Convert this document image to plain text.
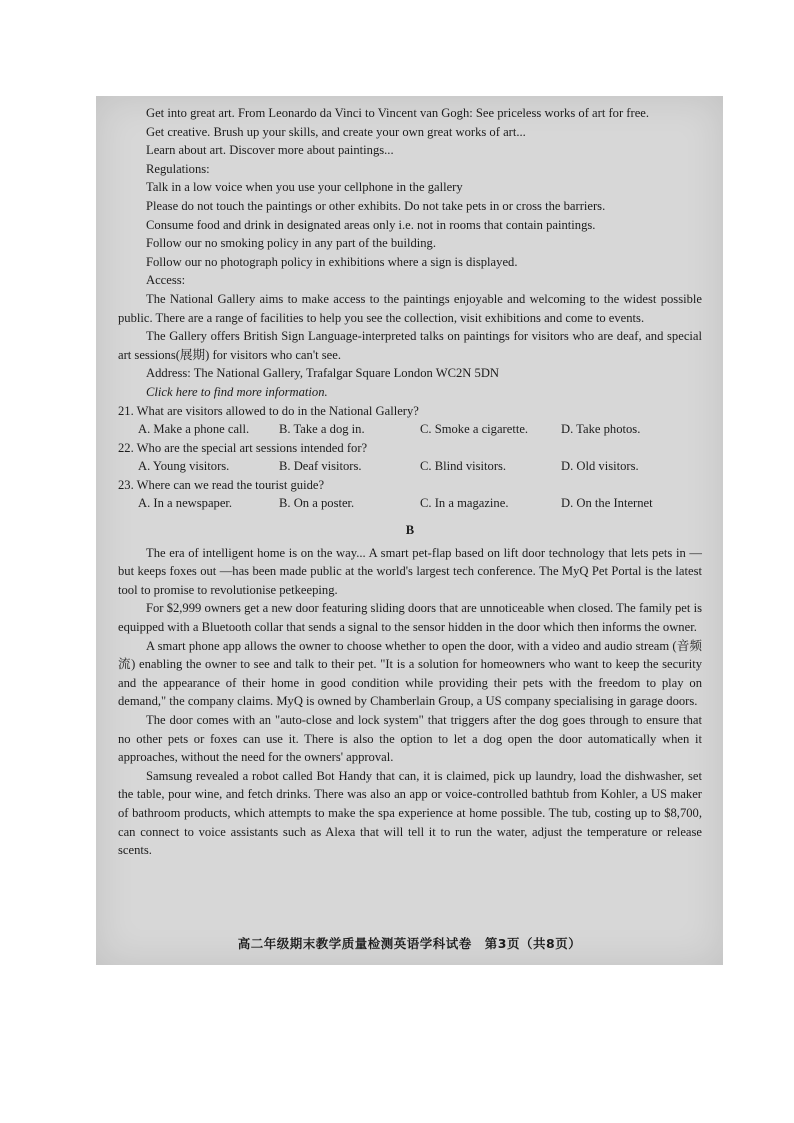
Get into great art. From Leonardo da Vinci to Vincent van Gogh: See priceless works of art for free.
Get creative. Brush up your skills, and create your own great works of art...
Learn about art. Discover more about paintings...
Regulations:
Talk in a low voice when you use your cellphone in the gallery
Please do not touch the paintings or other exhibits. Do not take pets in or cross the barriers.
Consume food and drink in designated areas only i.e. not in rooms that contain paintings.
Follow our no smoking policy in any part of the building.
Follow our no photograph policy in exhibitions where a sign is displayed.
Access:
The National Gallery aims to make access to the paintings enjoyable and welcoming to the widest possible public. There are a range of facilities to help you see the collection, visit exhibitions and come to events.
The Gallery offers British Sign Language-interpreted talks on paintings for visitors who are deaf, and special art sessions(展期) for visitors who can't see.
Address: The National Gallery, Trafalgar Square London WC2N 5DN
Click here to find more information.
21. What are visitors allowed to do in the National Gallery?
A. Make a phone call.	B. Take a dog in.	C. Smoke a cigarette.	D. Take photos.
22. Who are the special art sessions intended for?
A. Young visitors.	B. Deaf visitors.	C. Blind visitors.	D. Old visitors.
23. Where can we read the tourist guide?
A. In a newspaper.	B. On a poster.	C. In a magazine.	D. On the Internet
B
The era of intelligent home is on the way... A smart pet-flap based on lift door technology that lets pets in — but keeps foxes out —has been made public at the world's largest tech conference. The MyQ Pet Portal is the latest tool to promise to revolutionise petkeeping.
For $2,999 owners get a new door featuring sliding doors that are unnoticeable when closed. The family pet is equipped with a Bluetooth collar that sends a signal to the sensor hidden in the door which then informs the owner.
A smart phone app allows the owner to choose whether to open the door, with a video and audio stream (音频流) enabling the owner to see and talk to their pet. "It is a solution for homeowners who want to keep the security and the appearance of their home in good condition while providing their pets with the freedom to play on demand," the company claims. MyQ is owned by Chamberlain Group, a US company specialising in garage doors.
The door comes with an "auto-close and lock system" that triggers after the dog goes through to ensure that no other pets or foxes can use it. There is also the option to let a dog open the door automatically when it approaches, without the need for the owners' approval.
Samsung revealed a robot called Bot Handy that can, it is claimed, pick up laundry, load the dishwasher, set the table, pour wine, and fetch drinks. There was also an app or voice-controlled bathtub from Kohler, a US maker of bathroom products, which attempts to make the spa experience at home possible. The tub, costing up to $8,700, can connect to voice assistants such as Alexa that will tell it to run the water, adjust the temperature or release scents.
高二年级期末教学质量检测英语学科试卷　第3页（共8页）
